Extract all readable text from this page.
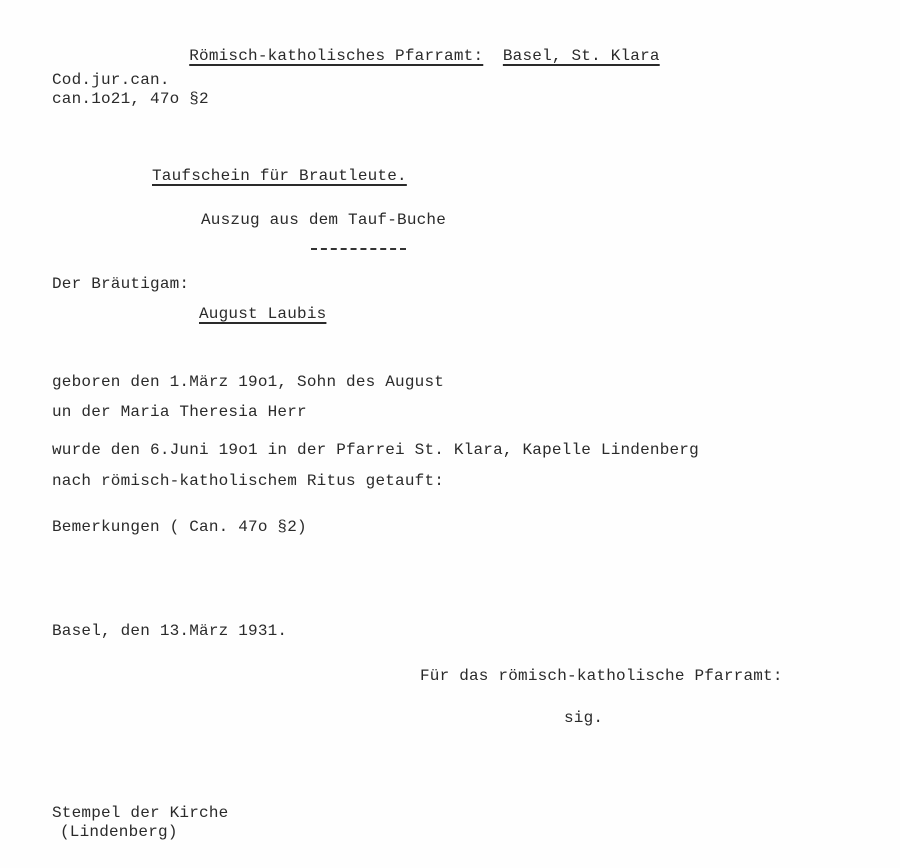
Römisch-katholisches Pfarramt: Basel, St. Klara

Cod.jur.can.
can.1o21, 47o §2
Taufschein für Brautleute.
Auszug aus dem Tauf-Buche
Der Bräutigam:
August Laubis
geboren den 1.März 19o1, Sohn des August
un der Maria Theresia Herr
wurde den 6.Juni 19o1 in der Pfarrei St. Klara, Kapelle Lindenberg
nach römisch-katholischem Ritus getauft:
Bemerkungen ( Can. 47o §2)
Basel, den 13.März 1931.
Für das römisch-katholische Pfarramt:
sig.
Stempel der Kirche
(Lindenberg)
